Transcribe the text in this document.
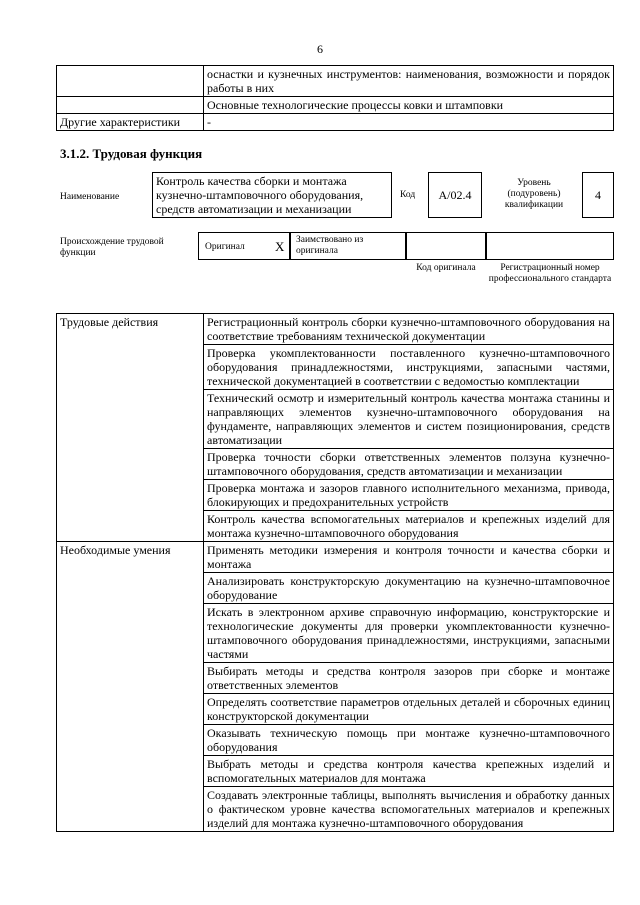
6
	оснастки и кузнечных инструментов: наименования, возможности и порядок работы в них
	Основные технологические процессы ковки и штамповки
Другие характеристики	-
3.1.2. Трудовая функция
Наименование
Контроль качества сборки и монтажа кузнечно-штамповочного оборудования, средств автоматизации и механизации
Код	A/02.4
Уровень (подуровень) квалификации
4
Происхождение трудовой функции
Оригинал X Заимствовано из оригинала
Код оригинала	Регистрационный номер профессионального стандарта
Трудовые действия		Регистрационный контроль сборки кузнечно-штамповочного оборудования на соответствие требованиям технической документации
Проверка укомплектованности поставленного кузнечно-штамповочного оборудования принадлежностями, инструкциями, запасными частями, технической документацией в соответствии с ведомостью комплектации
Технический осмотр и измерительный контроль качества монтажа станины и направляющих элементов кузнечно-штамповочного оборудования на фундаменте, направляющих элементов и систем позиционирования, средств автоматизации
Проверка точности сборки ответственных элементов ползуна кузнечно-штамповочного оборудования, средств автоматизации и механизации
Проверка монтажа и зазоров главного исполнительного механизма, привода, блокирующих и предохранительных устройств
Контроль качества вспомогательных материалов и крепежных изделий для монтажа кузнечно-штамповочного оборудования

Необходимые умения		Применять методики измерения и контроля точности и качества сборки и монтажа
Анализировать конструкторскую документацию на кузнечно-штамповочное оборудование
Искать в электронном архиве справочную информацию, конструкторские и технологические документы для проверки укомплектованности кузнечно-штамповочного оборудования принадлежностями, инструкциями, запасными частями
Выбирать методы и средства контроля зазоров при сборке и монтаже ответственных элементов
Определять соответствие параметров отдельных деталей и сборочных единиц конструкторской документации
Оказывать техническую помощь при монтаже кузнечно-штамповочного оборудования
Выбрать методы и средства контроля качества крепежных изделий и вспомогательных материалов для монтажа
Создавать электронные таблицы, выполнять вычисления и обработку данных о фактическом уровне качества вспомогательных материалов и крепежных изделий для монтажа кузнечно-штамповочного оборудования
